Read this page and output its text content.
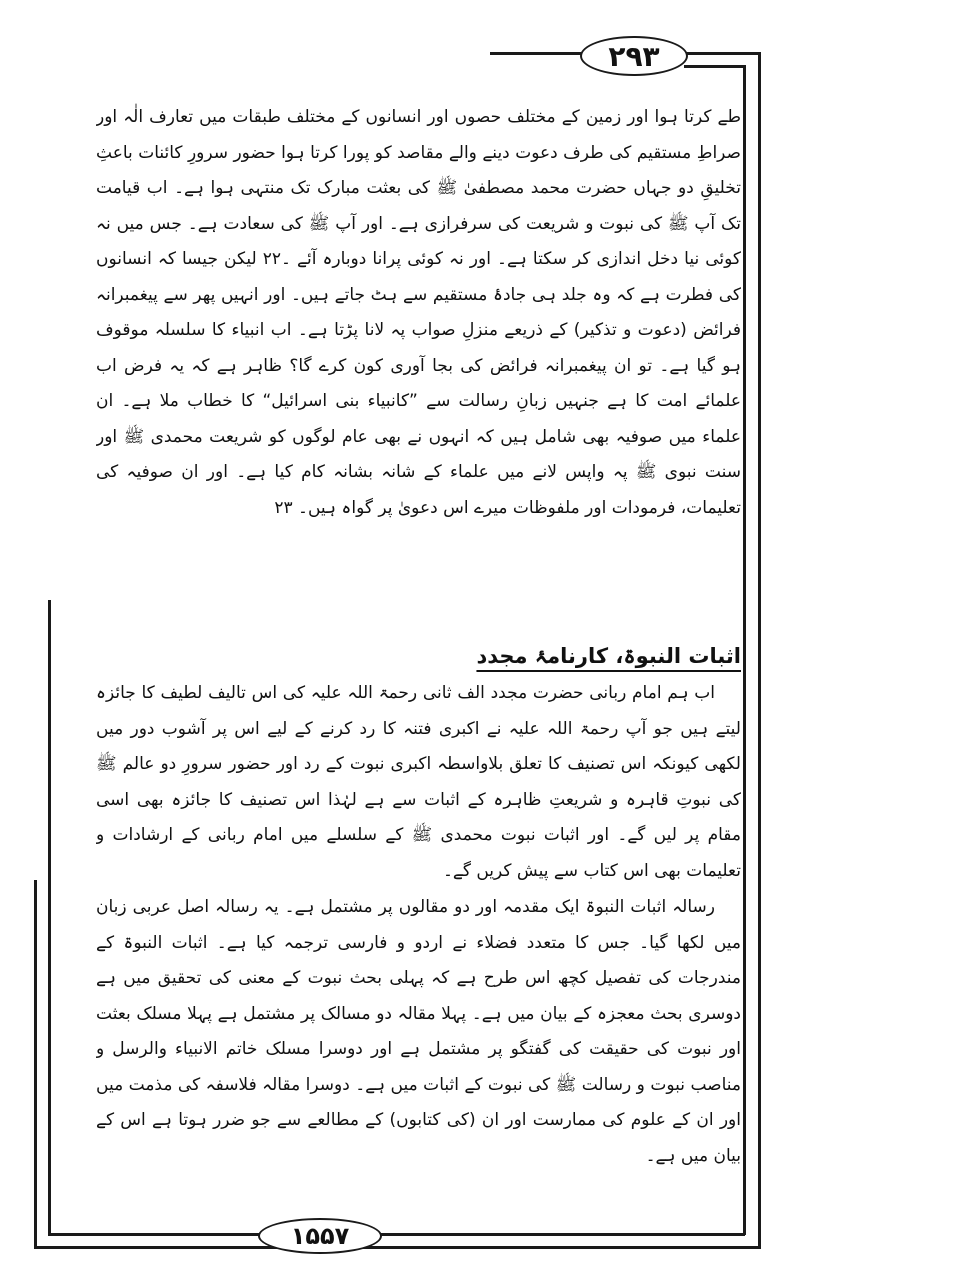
۲۹۳
۱۵۵۷

طے کرتا ہوا اور زمین کے مختلف حصوں اور انسانوں کے مختلف طبقات میں تعارف الٰہ اور صراطِ مستقیم کی طرف دعوت دینے والے مقاصد کو پورا کرتا ہوا حضور سرورِ کائنات باعثِ تخلیقِ دو جہاں حضرت محمد مصطفیٰ ﷺ کی بعثت مبارک تک منتہی ہوا ہے۔ اب قیامت تک آپ ﷺ کی نبوت و شریعت کی سرفرازی ہے۔ اور آپ ﷺ کی سعادت ہے۔ جس میں نہ کوئی نیا دخل اندازی کر سکتا ہے۔ اور نہ کوئی پرانا دوبارہ آئے ۔۲۲ لیکن جیسا کہ انسانوں کی فطرت ہے کہ وہ جلد ہی جادۂ مستقیم سے ہٹ جاتے ہیں۔ اور انہیں پھر سے پیغمبرانہ فرائض (دعوت و تذکیر) کے ذریعے منزلِ صواب پہ لانا پڑتا ہے۔ اب انبیاء کا سلسلہ موقوف ہو گیا ہے۔ تو ان پیغمبرانہ فرائض کی بجا آوری کون کرے گا؟ ظاہر ہے کہ یہ فرض اب علمائے امت کا ہے جنہیں زبانِ رسالت سے ”کانبیاء بنی اسرائیل“ کا خطاب ملا ہے۔ ان علماء میں صوفیہ بھی شامل ہیں کہ انہوں نے بھی عام لوگوں کو شریعت محمدی ﷺ اور سنت نبوی ﷺ پہ واپس لانے میں علماء کے شانہ بشانہ کام کیا ہے۔ اور ان صوفیہ کی تعلیمات، فرمودات اور ملفوظات میرے اس دعویٰ پر گواہ ہیں۔ ۲۳

اثبات النبوۃ، کارنامۂ مجدد

اب ہم امام ربانی حضرت مجدد الف ثانی رحمۃ اللہ علیہ کی اس تالیف لطیف کا جائزہ لیتے ہیں جو آپ رحمۃ اللہ علیہ نے اکبری فتنہ کا رد کرنے کے لیے اس پر آشوب دور میں لکھی کیونکہ اس تصنیف کا تعلق بلاواسطہ اکبری نبوت کے رد اور حضور سرورِ دو عالم ﷺ کی نبوتِ قاہرہ و شریعتِ ظاہرہ کے اثبات سے ہے لہٰذا اس تصنیف کا جائزہ بھی اسی مقام پر لیں گے۔ اور اثبات نبوت محمدی ﷺ کے سلسلے میں امام ربانی کے ارشادات و تعلیمات بھی اس کتاب سے پیش کریں گے۔

رسالہ اثبات النبوۃ ایک مقدمہ اور دو مقالوں پر مشتمل ہے۔ یہ رسالہ اصل عربی زبان میں لکھا گیا۔ جس کا متعدد فضلاء نے اردو و فارسی ترجمہ کیا ہے۔ اثبات النبوۃ کے مندرجات کی تفصیل کچھ اس طرح ہے کہ پہلی بحث نبوت کے معنی کی تحقیق میں ہے دوسری بحث معجزہ کے بیان میں ہے۔ پہلا مقالہ دو مسالک پر مشتمل ہے پہلا مسلک بعثت اور نبوت کی حقیقت کی گفتگو پر مشتمل ہے اور دوسرا مسلک خاتم الانبیاء والرسل و مناصب نبوت و رسالت ﷺ کی نبوت کے اثبات میں ہے۔ دوسرا مقالہ فلاسفہ کی مذمت میں اور ان کے علوم کی ممارست اور ان (کی کتابوں) کے مطالعے سے جو ضرر ہوتا ہے اس کے بیان میں ہے۔
